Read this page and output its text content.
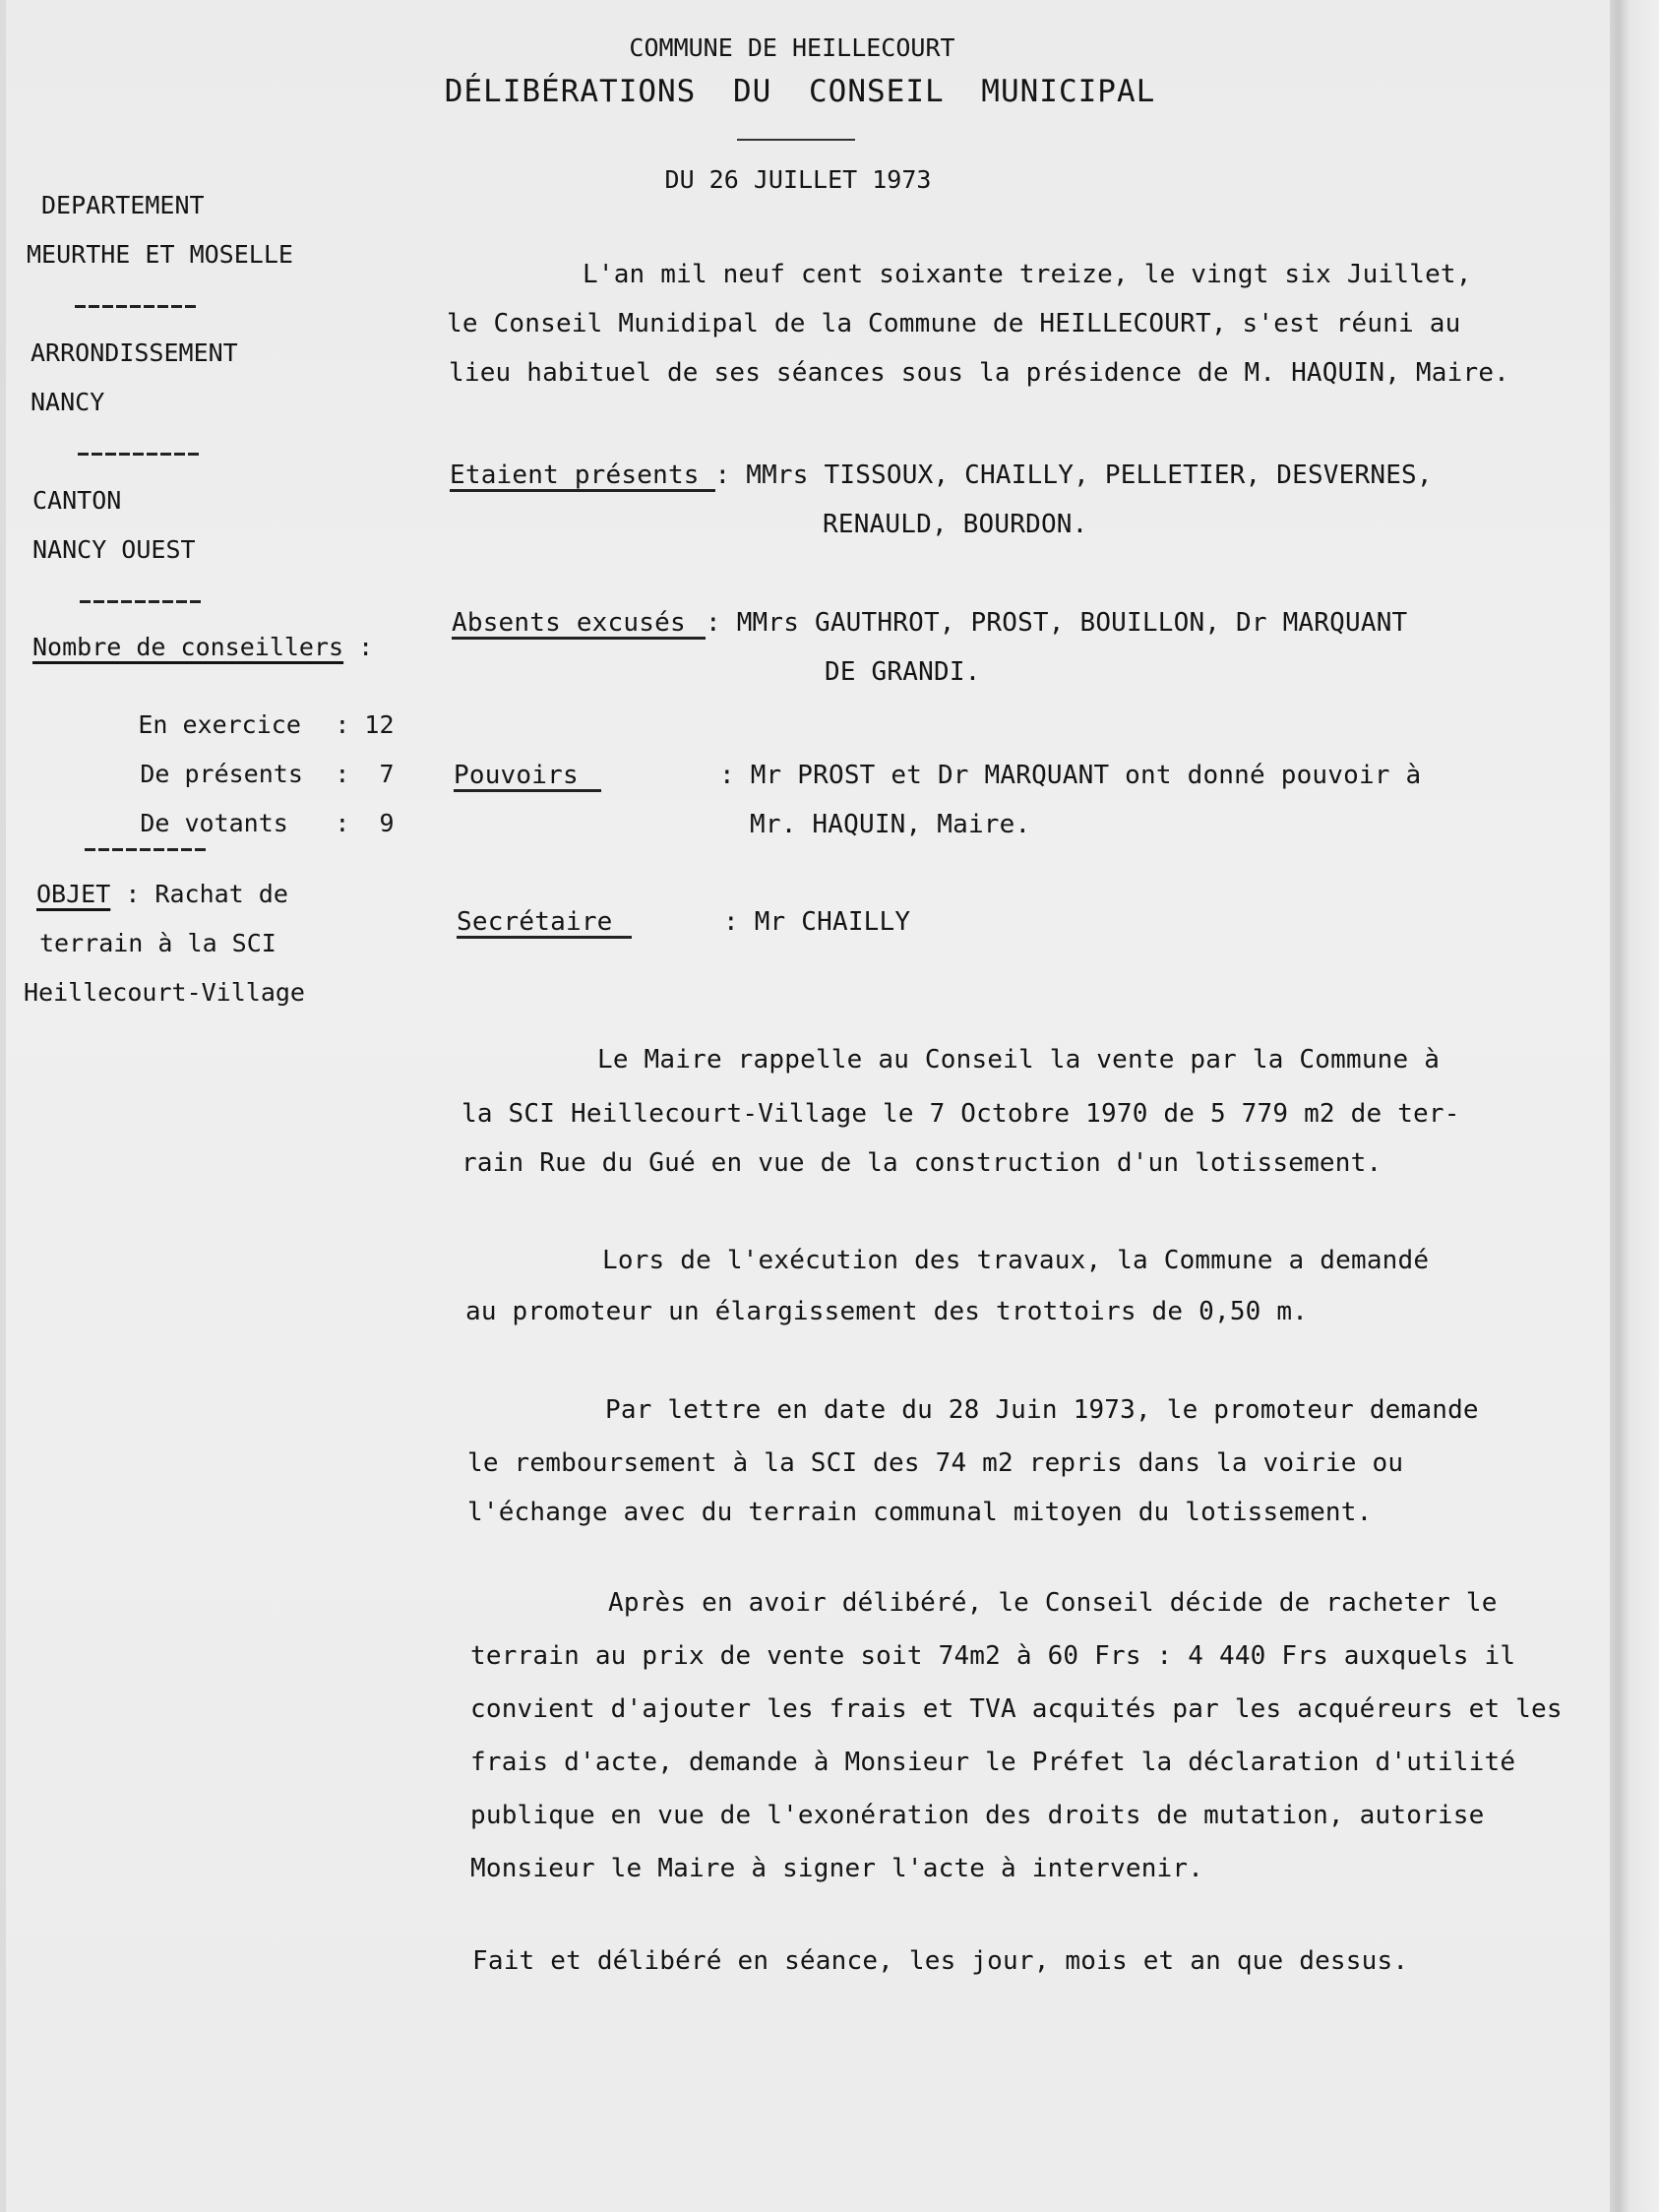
COMMUNE DE HEILLECOURT
DÉLIBÉRATIONS DU CONSEIL MUNICIPAL
DU 26 JUILLET 1973
DEPARTEMENT
MEURTHE ET MOSELLE
ARRONDISSEMENT
NANCY
CANTON
NANCY OUEST
Nombre de conseillers :

En exercice : 12

De présents :  7

De votants :  9

OBJET : Rachat de
terrain à la SCI
Heillecourt-Village
L'an mil neuf cent soixante treize, le vingt six Juillet,
le Conseil Munidipal de la Commune de HEILLECOURT, s'est réuni au
lieu habituel de ses séances sous la présidence de M. HAQUIN, Maire.
Etaient présents : MMrs TISSOUX, CHAILLY, PELLETIER, DESVERNES,
RENAULD, BOURDON.
Absents excusés : MMrs GAUTHROT, PROST, BOUILLON, Dr MARQUANT
DE GRANDI.
Pouvoirs	: Mr PROST et Dr MARQUANT ont donné pouvoir à
Mr. HAQUIN, Maire.
Secrétaire	: Mr CHAILLY
Le Maire rappelle au Conseil la vente par la Commune à
la SCI Heillecourt-Village le 7 Octobre 1970 de 5 779 m2 de ter-
rain Rue du Gué en vue de la construction d'un lotissement.
Lors de l'exécution des travaux, la Commune a demandé
au promoteur un élargissement des trottoirs de 0,50 m.
Par lettre en date du 28 Juin 1973, le promoteur demande
le remboursement à la SCI des 74 m2 repris dans la voirie ou
l'échange avec du terrain communal mitoyen du lotissement.
Après en avoir délibéré, le Conseil décide de racheter le
terrain au prix de vente soit 74m2 à 60 Frs : 4 440 Frs auxquels il
convient d'ajouter les frais et TVA acquités par les acquéreurs et les
frais d'acte, demande à Monsieur le Préfet la déclaration d'utilité
publique en vue de l'exonération des droits de mutation, autorise
Monsieur le Maire à signer l'acte à intervenir.
Fait et délibéré en séance, les jour, mois et an que dessus.
